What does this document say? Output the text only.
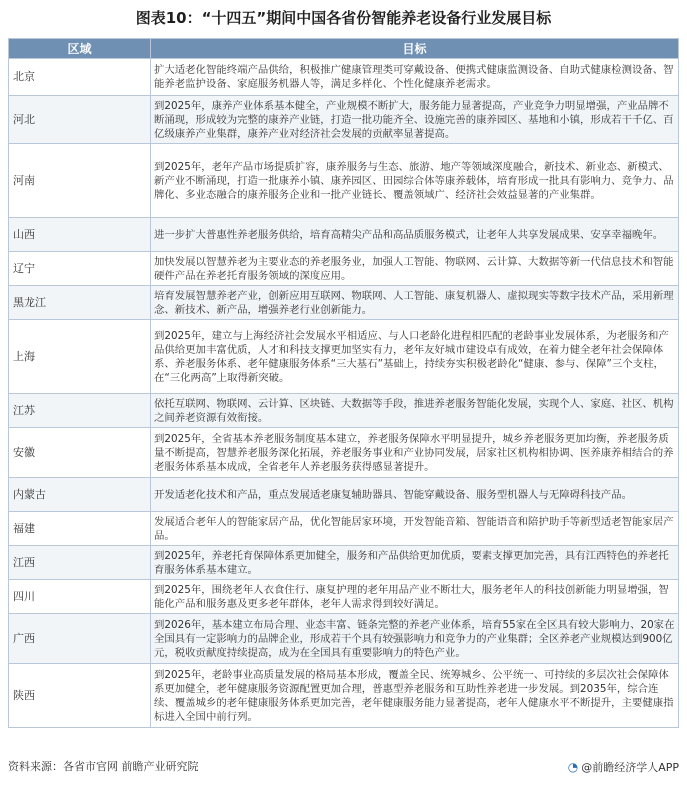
图表10：“十四五”期间中国各省份智能养老设备行业发展目标
区域	目标
北京	扩大适老化智能终端产品供给，积极推广健康管理类可穿戴设备、便携式健康监测设备、自助式健康检测设备、智能养老监护设备、家庭服务机器人等，满足多样化、个性化健康养老需求。
河北	到2025年，康养产业体系基本健全，产业规模不断扩大，服务能力显著提高，产业竞争力明显增强，产业品牌不断涌现，形成较为完整的康养产业链，打造一批功能齐全、设施完善的康养园区、基地和小镇，形成若干千亿、百亿级康养产业集群，康养产业对经济社会发展的贡献率显著提高。
河南	到2025年，老年产品市场提质扩容，康养服务与生态、旅游、地产等领域深度融合，新技术、新业态、新模式、新产业不断涌现，打造一批康养小镇、康养园区、田园综合体等康养载体，培育形成一批具有影响力、竞争力、品牌化、多业态融合的康养服务企业和一批产业链长、覆盖领域广、经济社会效益显著的产业集群。
山西	进一步扩大普惠性养老服务供给，培育高精尖产品和高品质服务模式，让老年人共享发展成果、安享幸福晚年。
辽宁	加快发展以智慧养老为主要业态的养老服务业，加强人工智能、物联网、云计算、大数据等新一代信息技术和智能硬件产品在养老托育服务领域的深度应用。
黑龙江	培育发展智慧养老产业，创新应用互联网、物联网、人工智能、康复机器人、虚拟现实等数字技术产品，采用新理念、新技术、新产品，增强养老行业创新能力。
上海	到2025年，建立与上海经济社会发展水平相适应、与人口老龄化进程相匹配的老龄事业发展体系，为老服务和产品供给更加丰富优质，人才和科技支撑更加坚实有力，老年友好城市建设卓有成效，在着力健全老年社会保障体系、养老服务体系、老年健康服务体系“三大基石”基础上，持续夯实积极老龄化“健康、参与、保障”三个支柱，在“三化两高”上取得新突破。
江苏	依托互联网、物联网、云计算、区块链、大数据等手段，推进养老服务智能化发展，实现个人、家庭、社区、机构之间养老资源有效衔接。
安徽	到2025年，全省基本养老服务制度基本建立，养老服务保障水平明显提升，城乡养老服务更加均衡，养老服务质量不断提高，智慧养老服务深化拓展，养老服务事业和产业协同发展，居家社区机构相协调、医养康养相结合的养老服务体系基本成成，全省老年人养老服务获得感显著提升。
内蒙古	开发适老化技术和产品，重点发展适老康复辅助器具、智能穿戴设备、服务型机器人与无障碍科技产品。
福建	发展适合老年人的智能家居产品，优化智能居家环境，开发智能音箱、智能语音和陪护助手等新型适老智能家居产品。
江西	到2025年，养老托育保障体系更加健全，服务和产品供给更加优质，要素支撑更加完善，具有江西特色的养老托育服务体系基本建立。
四川	到2025年，围绕老年人衣食住行、康复护理的老年用品产业不断壮大，服务老年人的科技创新能力明显增强，智能化产品和服务惠及更多老年群体，老年人需求得到较好满足。
广西	到2026年，基本建立布局合理、业态丰富、链条完整的养老产业体系，培育55家在全区具有较大影响力、20家在全国具有一定影响力的品牌企业，形成若干个具有较强影响力和竞争力的产业集群；全区养老产业规模达到900亿元，税收贡献度持续提高，成为在全国具有重要影响力的特色产业。
陕西	到2025年，老龄事业高质量发展的格局基本形成，覆盖全民、统筹城乡、公平统一、可持续的多层次社会保障体系更加健全，老年健康服务资源配置更加合理，普惠型养老服务和互助性养老进一步发展。到2035年，综合连续、覆盖城乡的老年健康服务体系更加完善，老年健康服务能力显著提高，老年人健康水平不断提升，主要健康指标进入全国中前行列。
资料来源：各省市官网 前瞻产业研究院	◔ @前瞻经济学人APP
